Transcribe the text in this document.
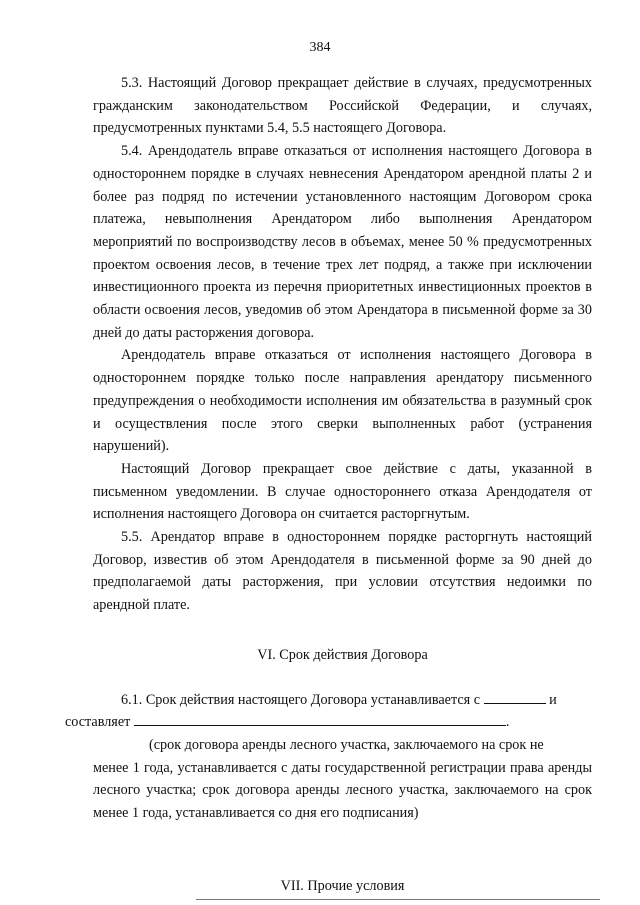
384

5.3. Настоящий Договор прекращает действие в случаях, предусмотренных гражданским законодательством Российской Федерации, и случаях, предусмотренных пунктами 5.4, 5.5 настоящего Договора.

5.4. Арендодатель вправе отказаться от исполнения настоящего Договора в одностороннем порядке в случаях невнесения Арендатором арендной платы 2 и более раз подряд по истечении установленного настоящим Договором срока платежа, невыполнения Арендатором либо выполнения Арендатором мероприятий по воспроизводству лесов в объемах, менее 50 % предусмотренных проектом освоения лесов, в течение трех лет подряд, а также при исключении инвестиционного проекта из перечня приоритетных инвестиционных проектов в области освоения лесов, уведомив об этом Арендатора в письменной форме за 30 дней до даты расторжения договора.

Арендодатель вправе отказаться от исполнения настоящего Договора в одностороннем порядке только после направления арендатору письменного предупреждения о необходимости исполнения им обязательства в разумный срок и осуществления после этого сверки выполненных работ (устранения нарушений).

Настоящий Договор прекращает свое действие с даты, указанной в письменном уведомлении. В случае одностороннего отказа Арендодателя от исполнения настоящего Договора он считается расторгнутым.

5.5. Арендатор вправе в одностороннем порядке расторгнуть настоящий Договор, известив об этом Арендодателя в письменной форме за 90 дней до предполагаемой даты расторжения, при условии отсутствия недоимки по арендной плате.

VI. Срок действия Договора

6.1. Срок действия настоящего Договора устанавливается с	и
составляет	.

(срок договора аренды лесного участка, заключаемого на срок не

менее 1 года, устанавливается с даты государственной регистрации права аренды лесного участка; срок договора аренды лесного участка, заключаемого на срок менее 1 года, устанавливается со дня его подписания)

VII. Прочие условия
